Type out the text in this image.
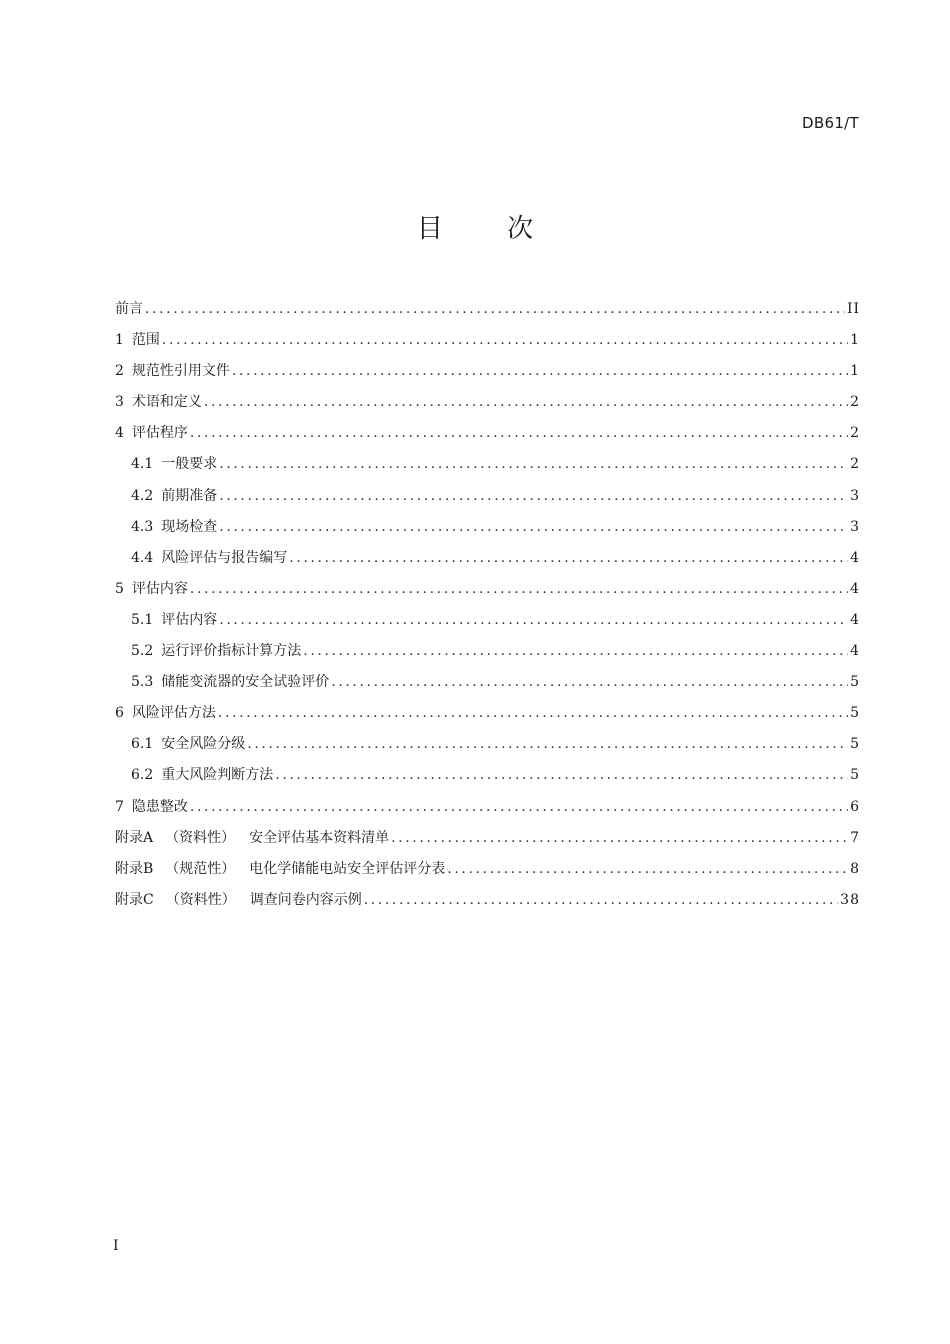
DB61/T
目 次
前言 .....	II
1 范围 .....	1
2 规范性引用文件 .....	1
3 术语和定义 .....	2
4 评估程序 .....	2
4.1 一般要求 .....	2
4.2 前期准备 .....	3
4.3 现场检查 .....	3
4.4 风险评估与报告编写 .....	4
5 评估内容 .....	4
5.1 评估内容 .....	4
5.2 运行评价指标计算方法 .....	4
5.3 储能变流器的安全试验评价 .....	5
6 风险评估方法 .....	5
6.1 安全风险分级 .....	5
6.2 重大风险判断方法 .....	5
7 隐患整改 .....	6
附录A （资料性） 安全评估基本资料清单 .....	7
附录B （规范性） 电化学储能电站安全评估评分表 .....	8
附录C （资料性） 调查问卷内容示例 .....	38
I
